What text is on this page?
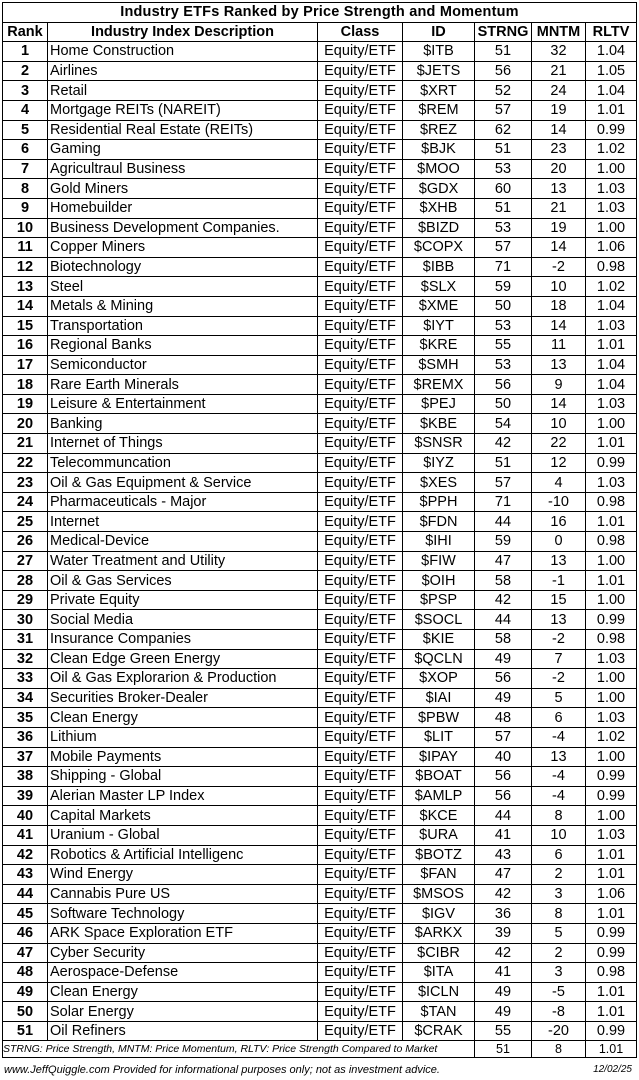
Industry ETFs Ranked by Price Strength and Momentum						
Rank	Industry Index Description	Class	ID	STRNG	MNTM	RLTV
1	Home Construction	Equity/ETF	$ITB	51	32	1.04
2	Airlines	Equity/ETF	$JETS	56	21	1.05
3	Retail	Equity/ETF	$XRT	52	24	1.04
4	Mortgage REITs (NAREIT)	Equity/ETF	$REM	57	19	1.01
5	Residential Real Estate (REITs)	Equity/ETF	$REZ	62	14	0.99
6	Gaming	Equity/ETF	$BJK	51	23	1.02
7	Agricultraul Business	Equity/ETF	$MOO	53	20	1.00
8	Gold Miners	Equity/ETF	$GDX	60	13	1.03
9	Homebuilder	Equity/ETF	$XHB	51	21	1.03
10	Business Development Companies.	Equity/ETF	$BIZD	53	19	1.00
11	Copper Miners	Equity/ETF	$COPX	57	14	1.06
12	Biotechnology	Equity/ETF	$IBB	71	-2	0.98
13	Steel	Equity/ETF	$SLX	59	10	1.02
14	Metals & Mining	Equity/ETF	$XME	50	18	1.04
15	Transportation	Equity/ETF	$IYT	53	14	1.03
16	Regional Banks	Equity/ETF	$KRE	55	11	1.01
17	Semiconductor	Equity/ETF	$SMH	53	13	1.04
18	Rare Earth Minerals	Equity/ETF	$REMX	56	9	1.04
19	Leisure & Entertainment	Equity/ETF	$PEJ	50	14	1.03
20	Banking	Equity/ETF	$KBE	54	10	1.00
21	Internet of Things	Equity/ETF	$SNSR	42	22	1.01
22	Telecommuncation	Equity/ETF	$IYZ	51	12	0.99
23	Oil & Gas Equipment & Service	Equity/ETF	$XES	57	4	1.03
24	Pharmaceuticals - Major	Equity/ETF	$PPH	71	-10	0.98
25	Internet	Equity/ETF	$FDN	44	16	1.01
26	Medical-Device	Equity/ETF	$IHI	59	0	0.98
27	Water Treatment and Utility	Equity/ETF	$FIW	47	13	1.00
28	Oil & Gas Services	Equity/ETF	$OIH	58	-1	1.01
29	Private Equity	Equity/ETF	$PSP	42	15	1.00
30	Social Media	Equity/ETF	$SOCL	44	13	0.99
31	Insurance Companies	Equity/ETF	$KIE	58	-2	0.98
32	Clean Edge Green Energy	Equity/ETF	$QCLN	49	7	1.03
33	Oil & Gas Explorarion & Production	Equity/ETF	$XOP	56	-2	1.00
34	Securities Broker-Dealer	Equity/ETF	$IAI	49	5	1.00
35	Clean Energy	Equity/ETF	$PBW	48	6	1.03
36	Lithium	Equity/ETF	$LIT	57	-4	1.02
37	Mobile Payments	Equity/ETF	$IPAY	40	13	1.00
38	Shipping - Global	Equity/ETF	$BOAT	56	-4	0.99
39	Alerian Master LP Index	Equity/ETF	$AMLP	56	-4	0.99
40	Capital Markets	Equity/ETF	$KCE	44	8	1.00
41	Uranium - Global	Equity/ETF	$URA	41	10	1.03
42	Robotics & Artificial Intelligenc	Equity/ETF	$BOTZ	43	6	1.01
43	Wind Energy	Equity/ETF	$FAN	47	2	1.01
44	Cannabis Pure US	Equity/ETF	$MSOS	42	3	1.06
45	Software Technology	Equity/ETF	$IGV	36	8	1.01
46	ARK Space Exploration ETF	Equity/ETF	$ARKX	39	5	0.99
47	Cyber Security	Equity/ETF	$CIBR	42	2	0.99
48	Aerospace-Defense	Equity/ETF	$ITA	41	3	0.98
49	Clean Energy	Equity/ETF	$ICLN	49	-5	1.01
50	Solar Energy	Equity/ETF	$TAN	49	-8	1.01
51	Oil Refiners	Equity/ETF	$CRAK	55	-20	0.99
STRNG: Price Strength, MNTM: Price Momentum, RLTV: Price Strength Compared to Market				51	8	1.01
www.JeffQuiggle.com Provided for informational purposes only; not as investment advice.	12/02/25
